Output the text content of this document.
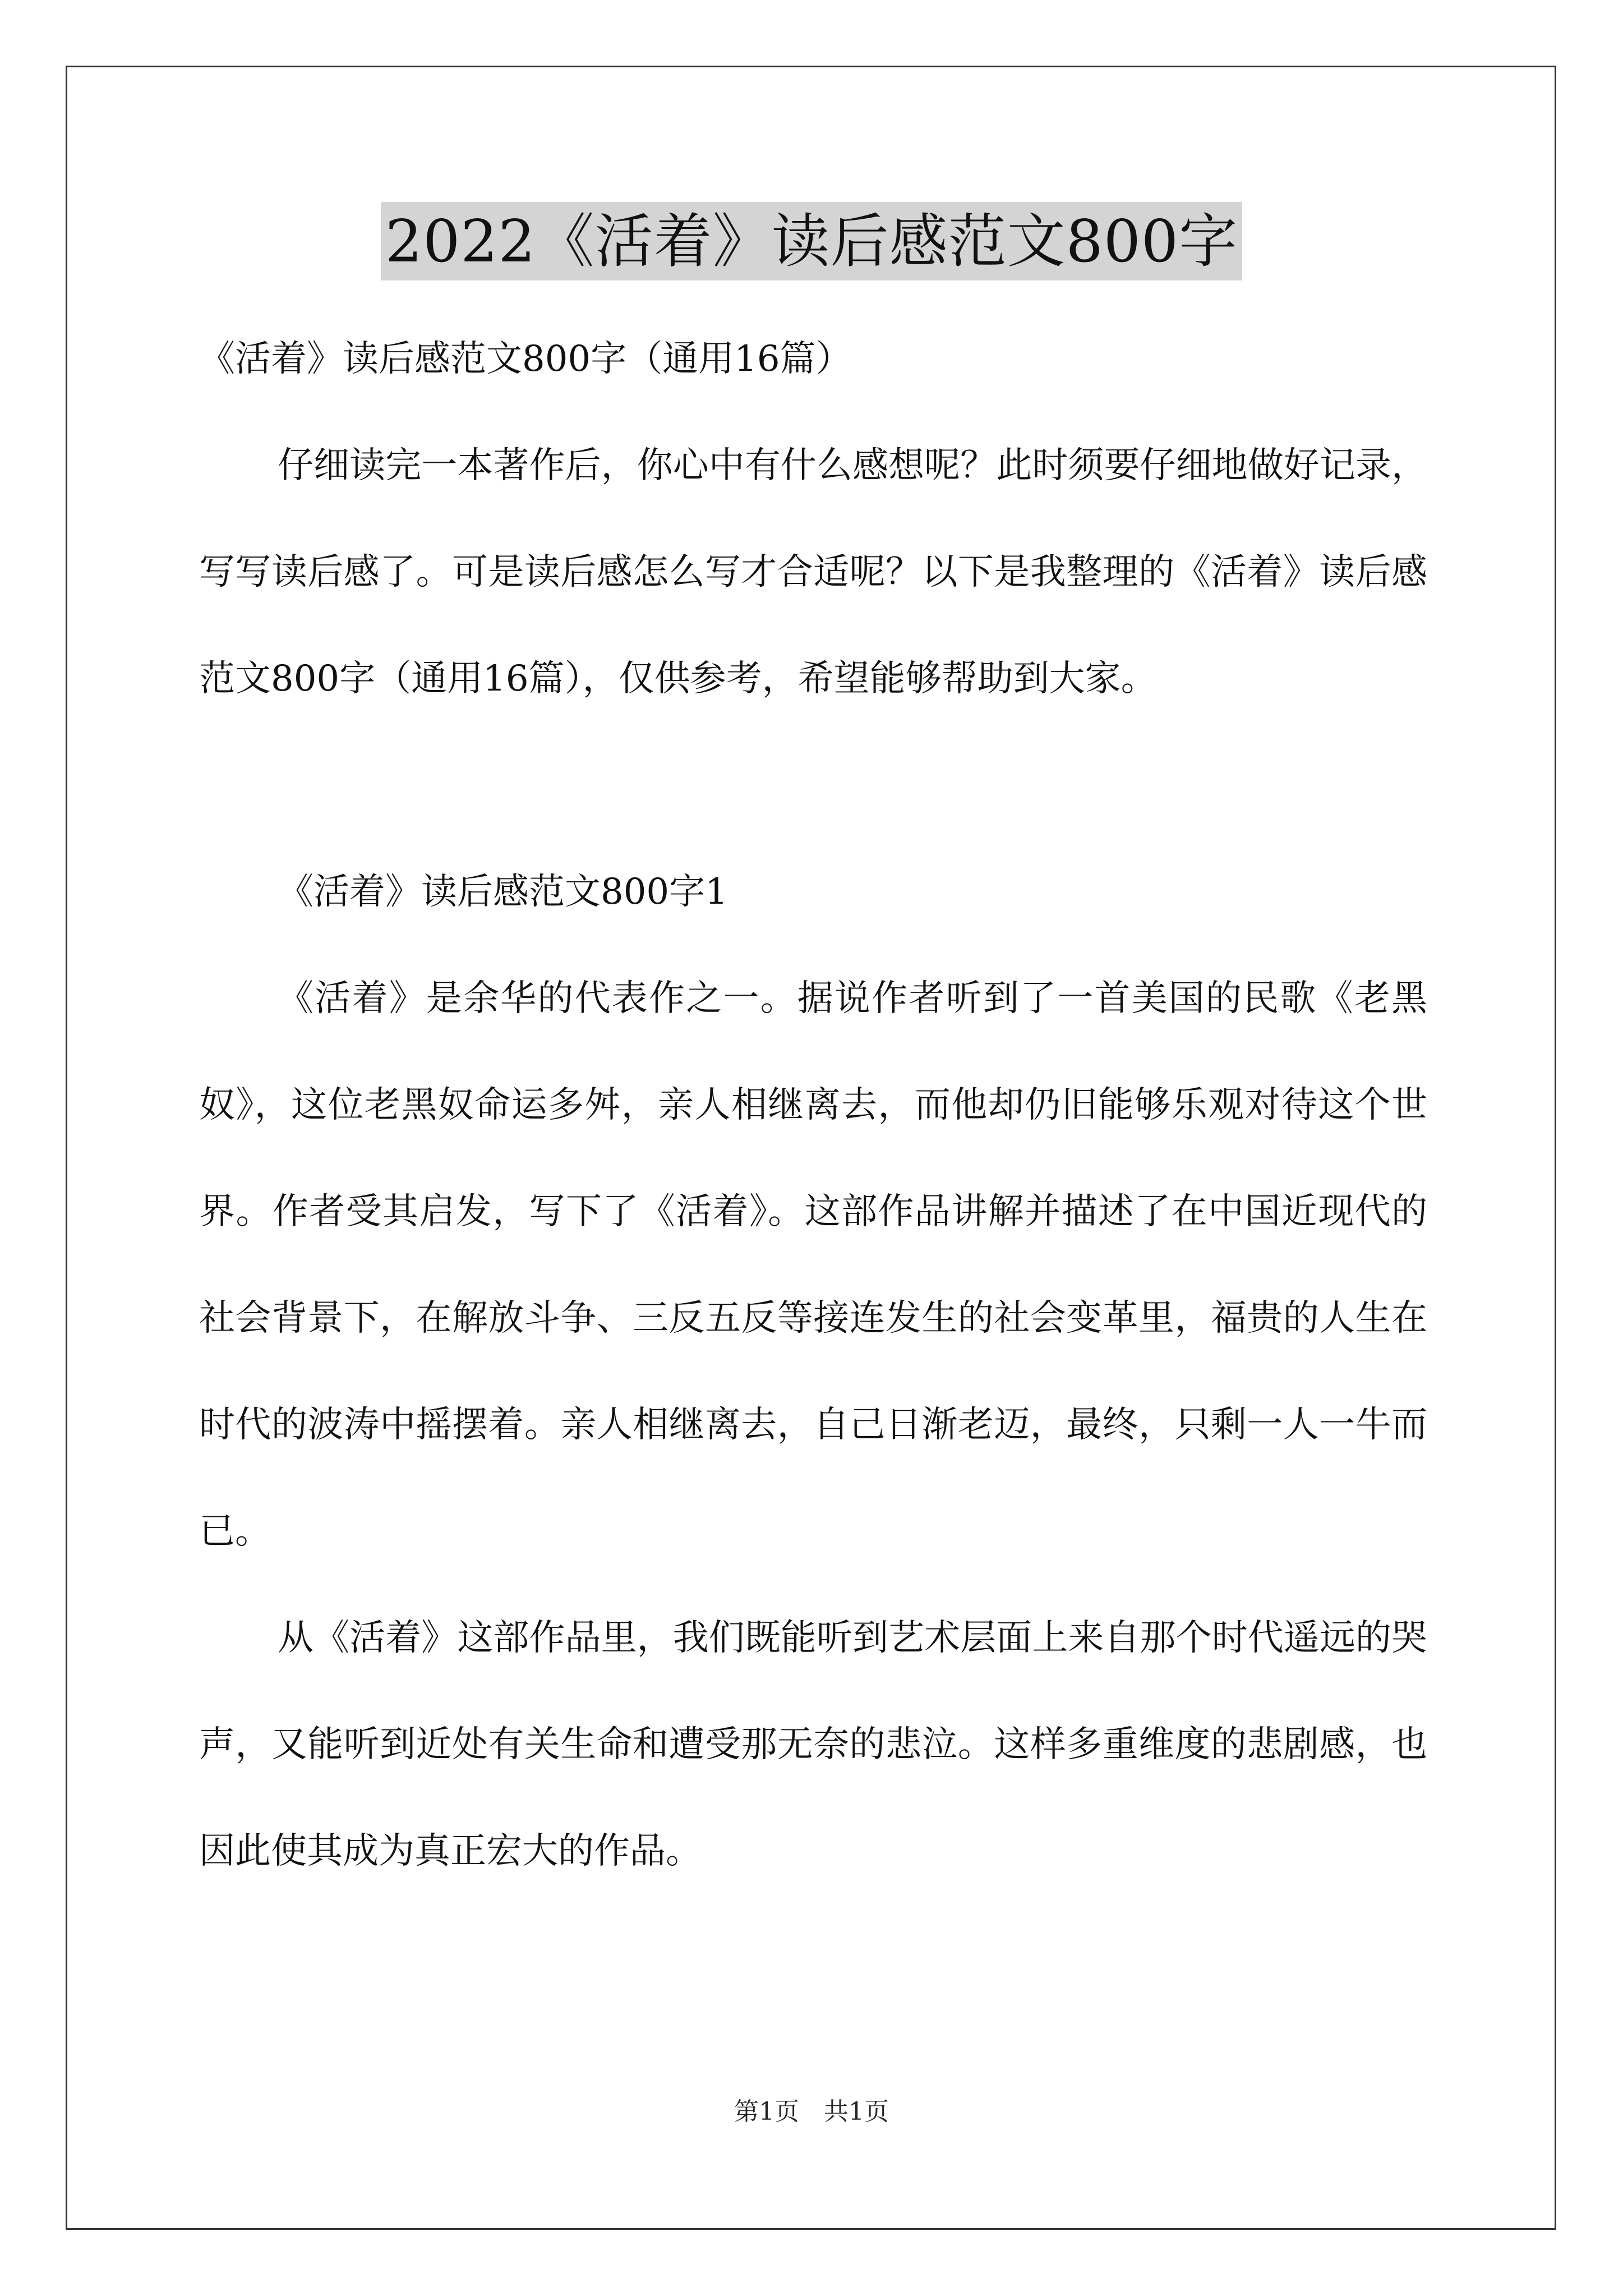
2022《活着》读后感范文800字

《活着》读后感范文800字（通用16篇）

仔细读完一本著作后，你心中有什么感想呢？此时须要仔细地做好记录，写写读后感了。可是读后感怎么写才合适呢？以下是我整理的《活着》读后感范文800字（通用16篇），仅供参考，希望能够帮助到大家。

《活着》读后感范文800字1

《活着》是余华的代表作之一。据说作者听到了一首美国的民歌《老黑奴》，这位老黑奴命运多舛，亲人相继离去，而他却仍旧能够乐观对待这个世界。作者受其启发，写下了《活着》。这部作品讲解并描述了在中国近现代的社会背景下，在解放斗争、三反五反等接连发生的社会变革里，福贵的人生在时代的波涛中摇摆着。亲人相继离去，自己日渐老迈，最终，只剩一人一牛而已。

从《活着》这部作品里，我们既能听到艺术层面上来自那个时代遥远的哭声，又能听到近处有关生命和遭受那无奈的悲泣。这样多重维度的悲剧感，也因此使其成为真正宏大的作品。

第1页　共1页
